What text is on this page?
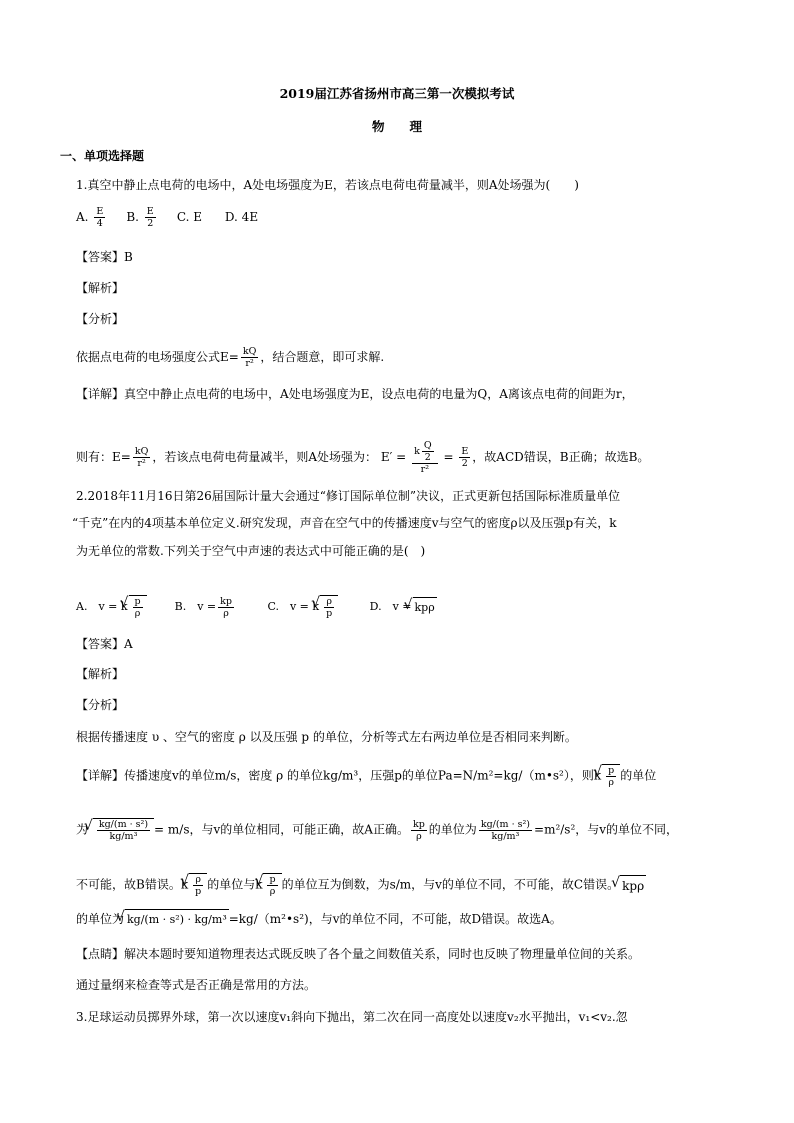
2019届江苏省扬州市高三第一次模拟考试
物　　理
一、单项选择题
1.真空中静止点电荷的电场中，A处电场强度为E，若该点电荷电荷量减半，则A处场强为(　　)
A. $\frac{E}{4} B$. $\frac{E}{2} C$. E D. 4E
【答案】B
【解析】
【分析】
依据点电荷的电场强度公式$E= \frac{kQ}{\text{r²}}$ ，结合题意，即可求解.
【详解】真空中静止点电荷的电场中，A处电场强度为E，设点电荷的电量为Q，A离该点电荷的间距为r，
则有：$E= \frac{kQ}{\text{r²}}$ ，若该点电荷电荷量减半，则A处场强为： $E' = \frac{k \frac{Q}{2}}{\text{r²}} = \frac{E}{2}$ ，故ACD错误，B正确；故选B。
2.2018年11月16日第26届国际计量大会通过“修订国际单位制”决议，正式更新包括国际标准质量单位
“千克”在内的4项基本单位定义.研究发现，声音在空气中的传播速度v与空气的密度ρ以及压强p有关，k
为无单位的常数.下列关于空气中声速的表达式中可能正确的是(　)
A.　v = k √ $\frac{p}{\rho}$	B.　$v = \frac{kp}{\rho}$	C.　v = k √ $\frac{\rho}{p}$	D.　v = √ kpρ
【答案】A
【解析】
【分析】
根据传播速度 υ 、空气的密度 ρ 以及压强 p 的单位，分析等式左右两边单位是否相同来判断。
【详解】传播速度v的单位m/s，密度 ρ 的单位kg/m³，压强p的单位Pa=N/m²=kg/（m•s²），则k √ $\frac{p}{\rho}$ 的单位
为 √ $\frac{\text{kg/(m · s²)}}{\text{kg/m³}} = m/s$，与v的单位相同，可能正确，故A正确。 $\frac{kp}{\rho}$ 的单位为 $\frac{\text{kg/(m · s²)}}{\text{kg/m³}} =m^2/s^2$，与v的单位不同，
不可能，故B错误。k √ $\frac{\rho}{p}$ 的单位与k √ $\frac{p}{\rho}$ 的单位互为倒数，为s/m，与v的单位不同，不可能，故C错误。 √ kpρ
的单位为 √ kg/(m · s²) · kg/m³ =kg/（m²•s²)，与v的单位不同，不可能，故D错误。故选A。
【点睛】解决本题时要知道物理表达式既反映了各个量之间数值关系，同时也反映了物理量单位间的关系。
通过量纲来检查等式是否正确是常用的方法。
3.足球运动员掷界外球，第一次以速度v₁斜向下抛出，第二次在同一高度处以速度v₂水平抛出，v₁<v₂.忽
